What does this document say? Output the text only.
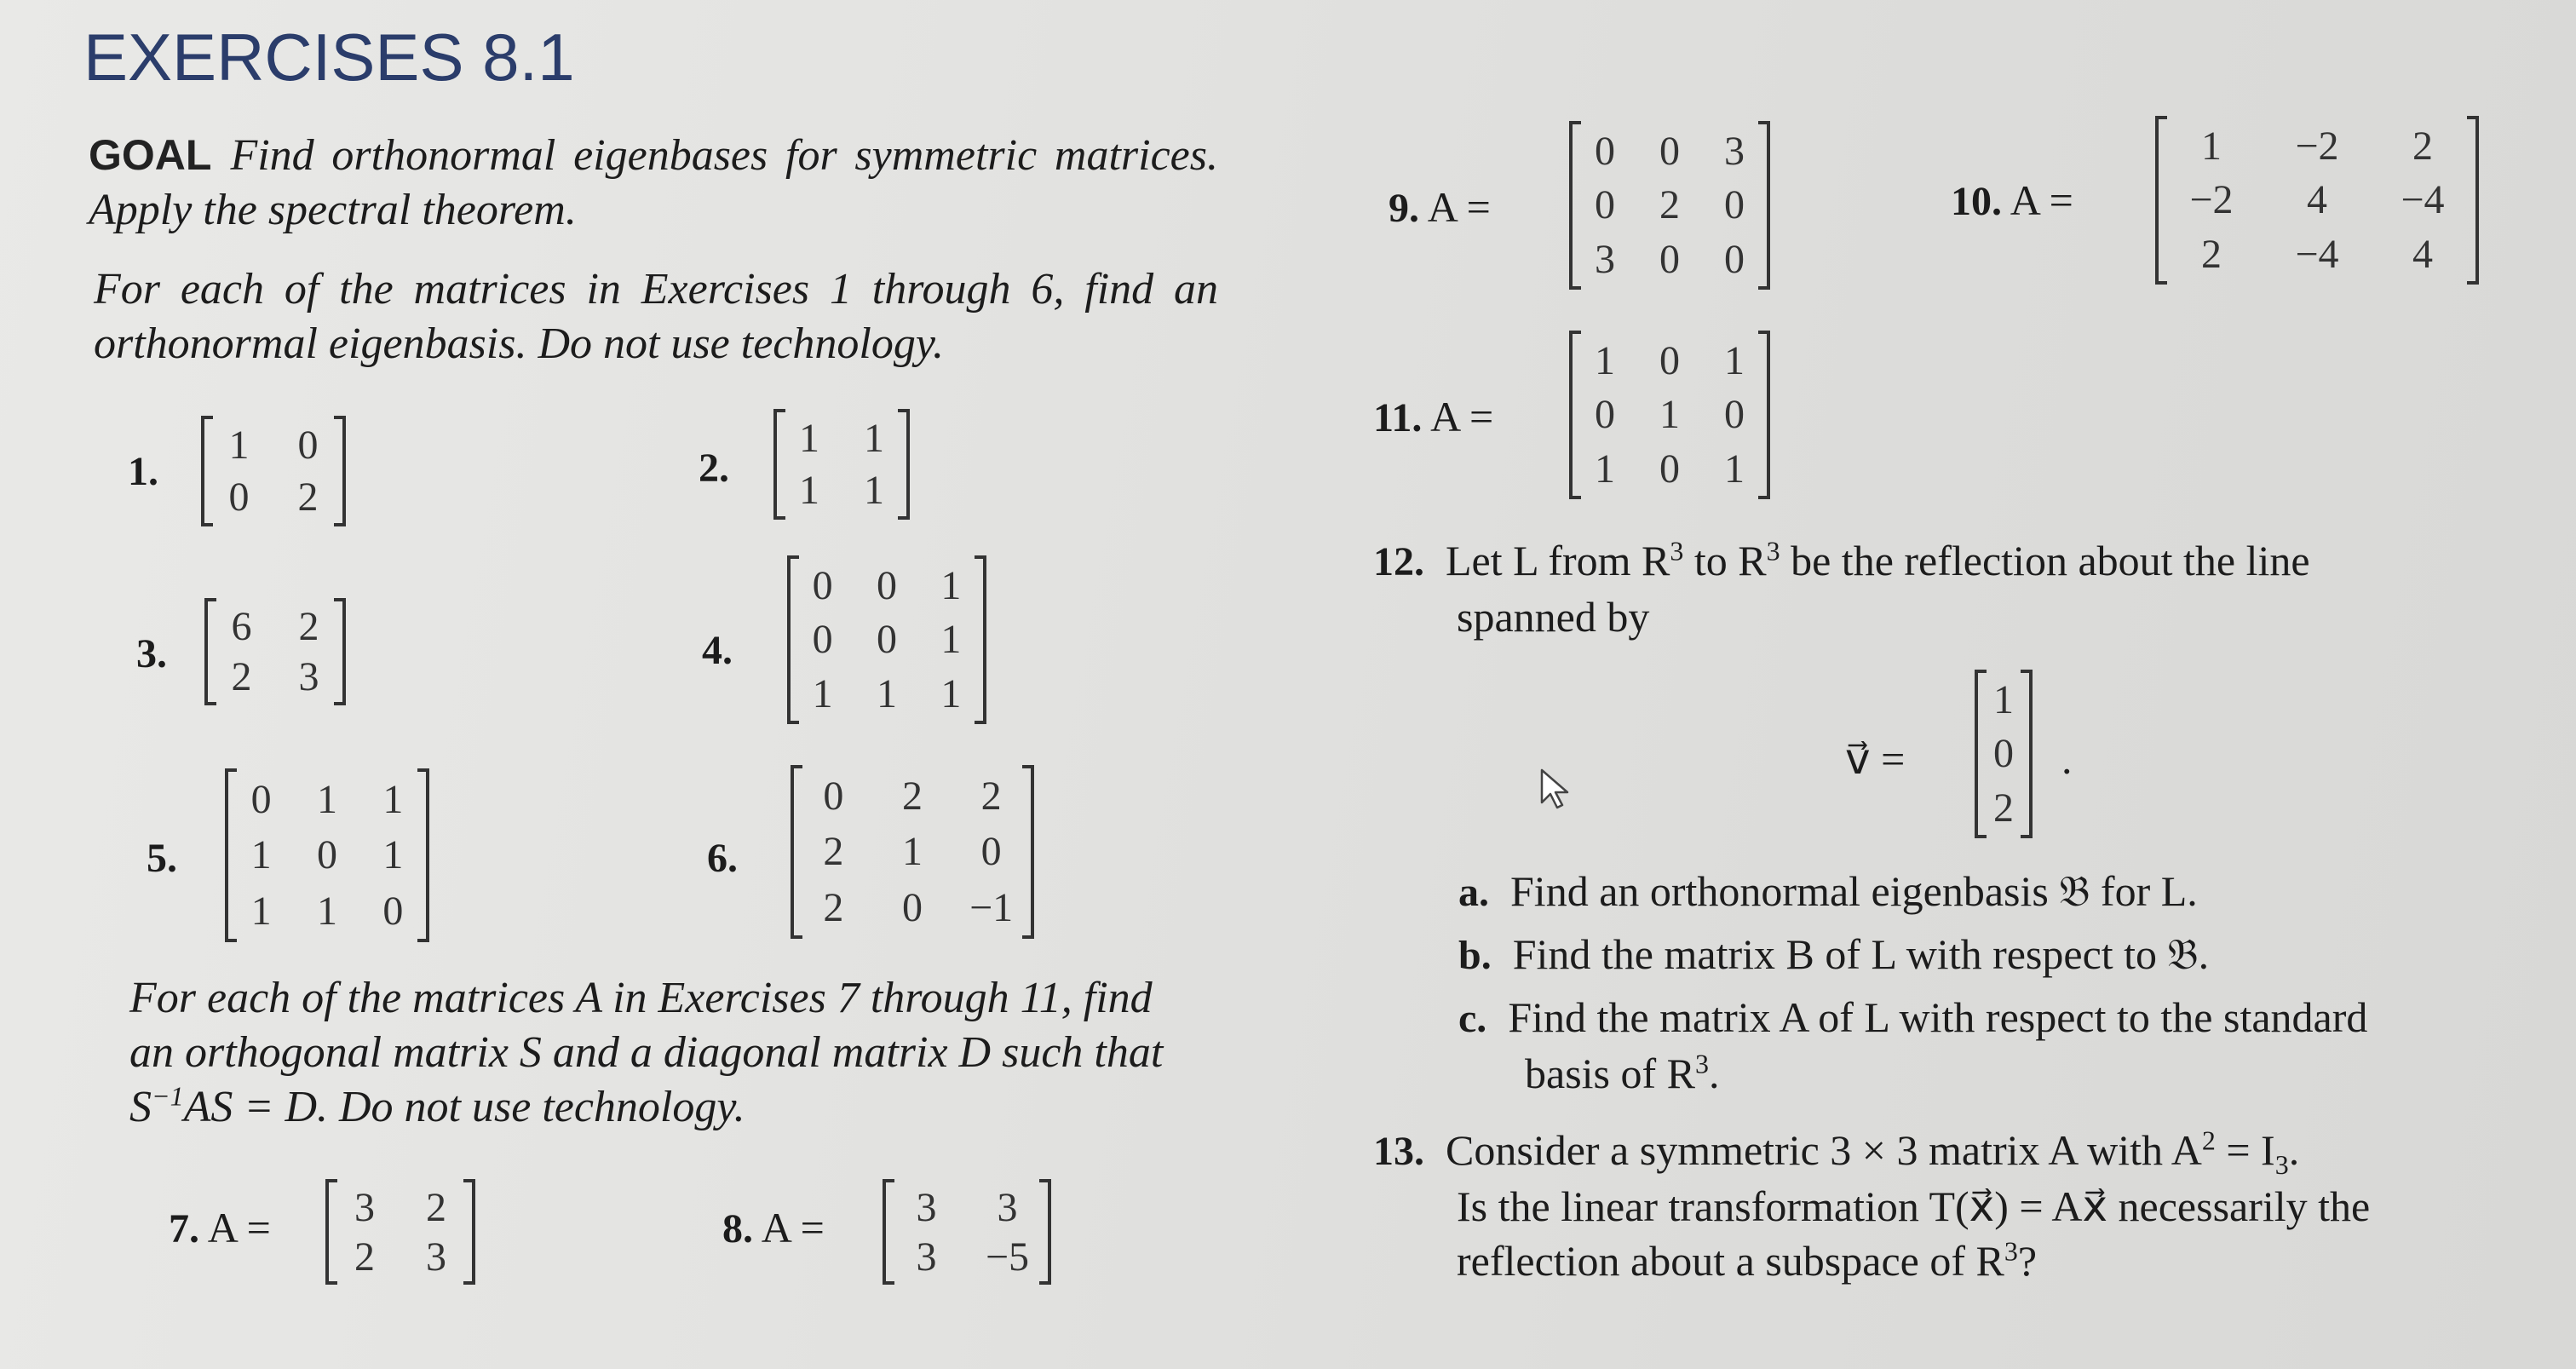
EXERCISES 8.1
GOAL Find orthonormal eigenbases for symmetric matrices. Apply the spectral theorem.
For each of the matrices in Exercises 1 through 6, find an orthonormal eigenbasis. Do not use technology.
1.
1	0
0	2
2.
1	1
1	1
3.
6	2
2	3
4.
0	0	1
0	0	1
1	1	1
5.
0	1	1
1	0	1
1	1	0
6.
0	2	2
2	1	0
2	0	−1
For each of the matrices A in Exercises 7 through 11, find
an orthogonal matrix S and a diagonal matrix D such that
$S^{-1}AS = D$. Do not use technology.
7. A =	3	2
2	3
8. A =	3	3
3	−5
9. A =
0	0	3
0	2	0
3	0	0
10. A =
1	−2	2
−2	4	−4
2	−4	4
11. A =
1	0	1
0	1	0
1	0	1
12. Let L from $R^3$ to $R^3$ be the reflection about the line
spanned by
v⃗ =
1
0
2
.
a. Find an orthonormal eigenbasis 𝔅 for L.
b. Find the matrix B of L with respect to 𝔅.
c. Find the matrix A of L with respect to the standard
basis of $R^3$.
13. Consider a symmetric 3 × 3 matrix A with $A^2 = I_3$.
Is the linear transformation T(x⃗) = Ax⃗ necessarily the
reflection about a subspace of $R^3$?
